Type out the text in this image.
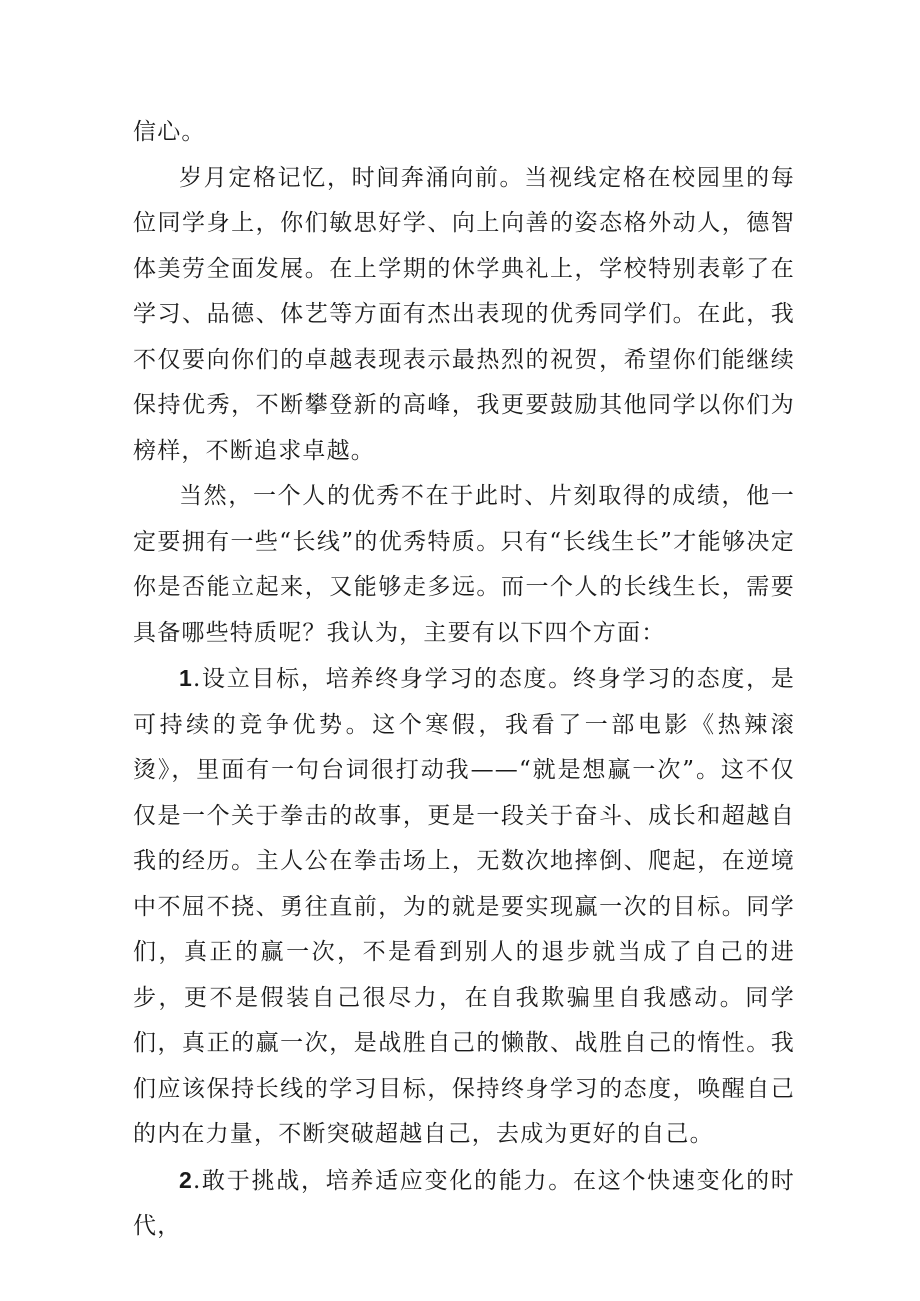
信心。

岁月定格记忆，时间奔涌向前。当视线定格在校园里的每位同学身上，你们敏思好学、向上向善的姿态格外动人，德智体美劳全面发展。在上学期的休学典礼上，学校特别表彰了在学习、品德、体艺等方面有杰出表现的优秀同学们。在此，我不仅要向你们的卓越表现表示最热烈的祝贺，希望你们能继续保持优秀，不断攀登新的高峰，我更要鼓励其他同学以你们为榜样，不断追求卓越。

当然，一个人的优秀不在于此时、片刻取得的成绩，他一定要拥有一些“长线”的优秀特质。只有“长线生长”才能够决定你是否能立起来，又能够走多远。而一个人的长线生长，需要具备哪些特质呢？我认为，主要有以下四个方面：

1.设立目标，培养终身学习的态度。终身学习的态度，是可持续的竞争优势。这个寒假，我看了一部电影《热辣滚烫》，里面有一句台词很打动我——“就是想赢一次”。这不仅仅是一个关于拳击的故事，更是一段关于奋斗、成长和超越自我的经历。主人公在拳击场上，无数次地摔倒、爬起，在逆境中不屈不挠、勇往直前，为的就是要实现赢一次的目标。同学们，真正的赢一次，不是看到别人的退步就当成了自己的进步，更不是假装自己很尽力，在自我欺骗里自我感动。同学们，真正的赢一次，是战胜自己的懒散、战胜自己的惰性。我们应该保持长线的学习目标，保持终身学习的态度，唤醒自己的内在力量，不断突破超越自己，去成为更好的自己。

2.敢于挑战，培养适应变化的能力。在这个快速变化的时代，
